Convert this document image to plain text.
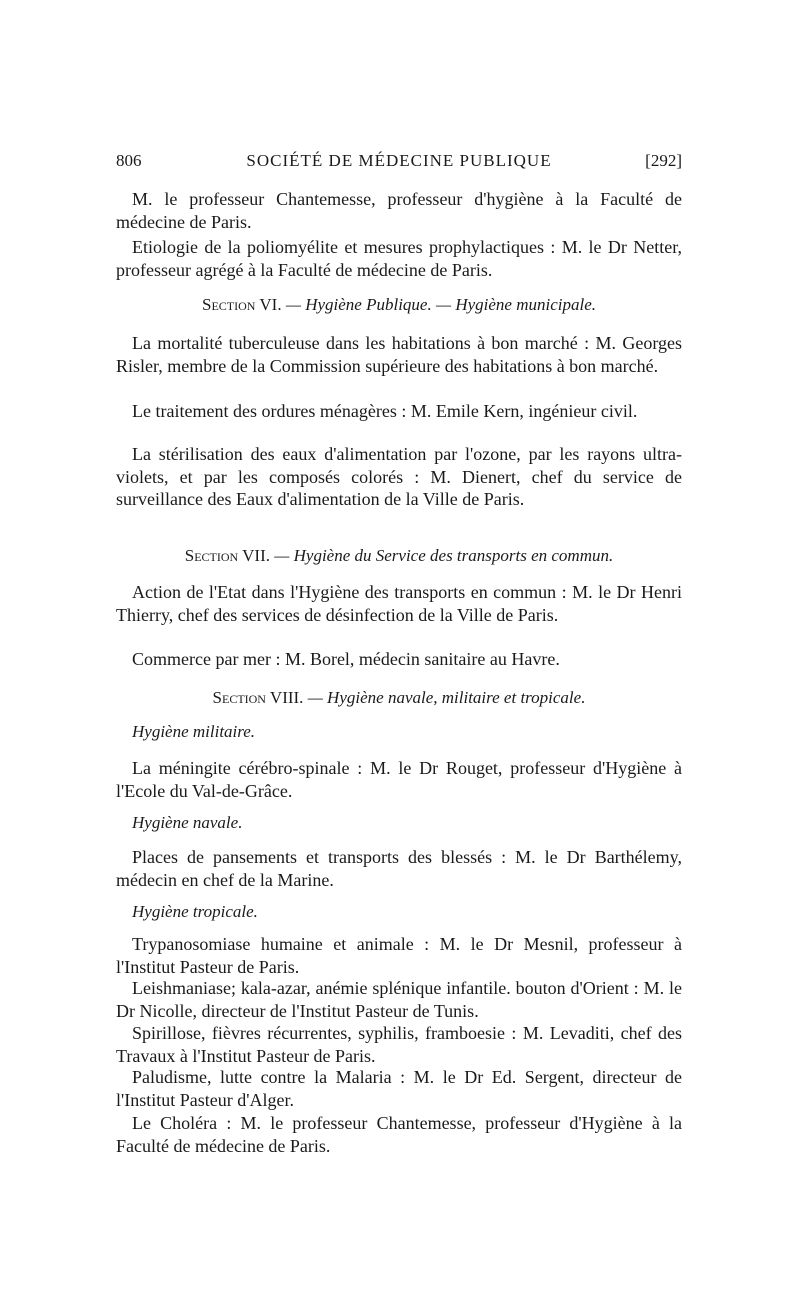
806	SOCIÉTÉ DE MÉDECINE PUBLIQUE	[292]
M. le professeur Chantemesse, professeur d'hygiène à la Faculté de médecine de Paris.
Etiologie de la poliomyélite et mesures prophylactiques : M. le Dr Netter, professeur agrégé à la Faculté de médecine de Paris.
Section VI. — Hygiène Publique. — Hygiène municipale.
La mortalité tuberculeuse dans les habitations à bon marché : M. Georges Risler, membre de la Commission supérieure des habitations à bon marché.
Le traitement des ordures ménagères : M. Emile Kern, ingénieur civil.
La stérilisation des eaux d'alimentation par l'ozone, par les rayons ultra-violets, et par les composés colorés : M. Dienert, chef du service de surveillance des Eaux d'alimentation de la Ville de Paris.
Section VII. — Hygiène du Service des transports en commun.
Action de l'Etat dans l'Hygiène des transports en commun : M. le Dr Henri Thierry, chef des services de désinfection de la Ville de Paris.
Commerce par mer : M. Borel, médecin sanitaire au Havre.
Section VIII. — Hygiène navale, militaire et tropicale.
Hygiène militaire.
La méningite cérébro-spinale : M. le Dr Rouget, professeur d'Hygiène à l'Ecole du Val-de-Grâce.
Hygiène navale.
Places de pansements et transports des blessés : M. le Dr Barthélemy, médecin en chef de la Marine.
Hygiène tropicale.
Trypanosomiase humaine et animale : M. le Dr Mesnil, professeur à l'Institut Pasteur de Paris.
Leishmaniase; kala-azar, anémie splénique infantile. bouton d'Orient : M. le Dr Nicolle, directeur de l'Institut Pasteur de Tunis.
Spirillose, fièvres récurrentes, syphilis, framboesie : M. Levaditi, chef des Travaux à l'Institut Pasteur de Paris.
Paludisme, lutte contre la Malaria : M. le Dr Ed. Sergent, directeur de l'Institut Pasteur d'Alger.
Le Choléra : M. le professeur Chantemesse, professeur d'Hygiène à la Faculté de médecine de Paris.
